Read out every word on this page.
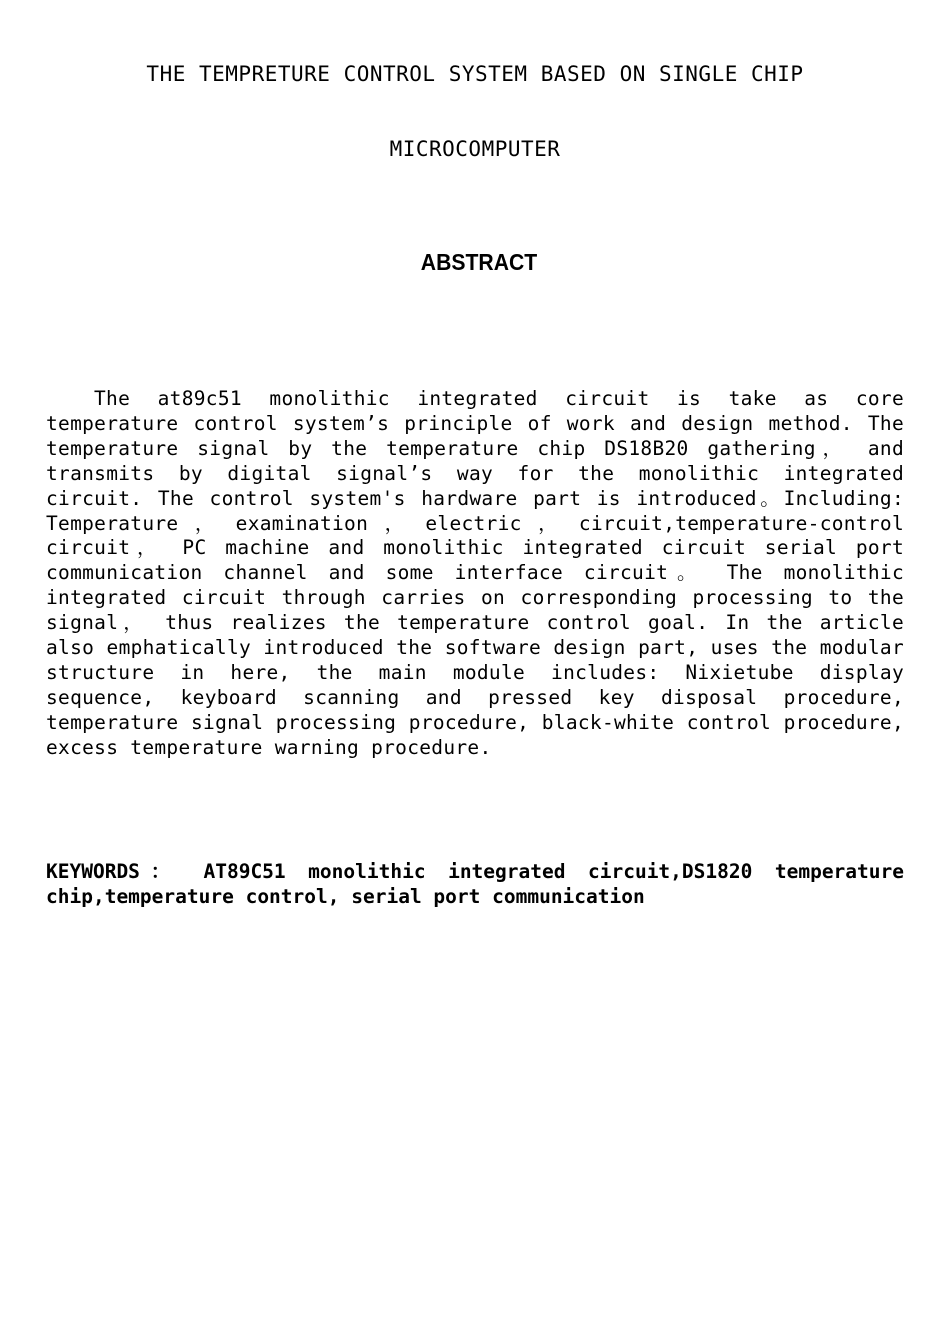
THE TEMPRETURE CONTROL SYSTEM BASED ON SINGLE CHIP
MICROCOMPUTER
ABSTRACT

The at89c51 monolithic integrated circuit is take as core temperature control system’s principle of work and design method. The temperature signal by the temperature chip DS18B20 gathering， and transmits by digital signal’s way for the monolithic integrated circuit. The control system's hardware part is introduced。Including: Temperature ， examination ， electric ， circuit,temperature-control circuit， PC machine and monolithic integrated circuit serial port communication channel and some interface circuit。 The monolithic integrated circuit through carries on corresponding processing to the signal， thus realizes the temperature control goal. In the article also emphatically introduced the software design part, uses the modular structure in here, the main module includes: Nixietube display sequence, keyboard scanning and pressed key disposal procedure, temperature signal processing procedure, black-white control procedure, excess temperature warning procedure.

KEYWORDS： AT89C51 monolithic integrated circuit,DS1820 temperature chip,temperature control, serial port communication
